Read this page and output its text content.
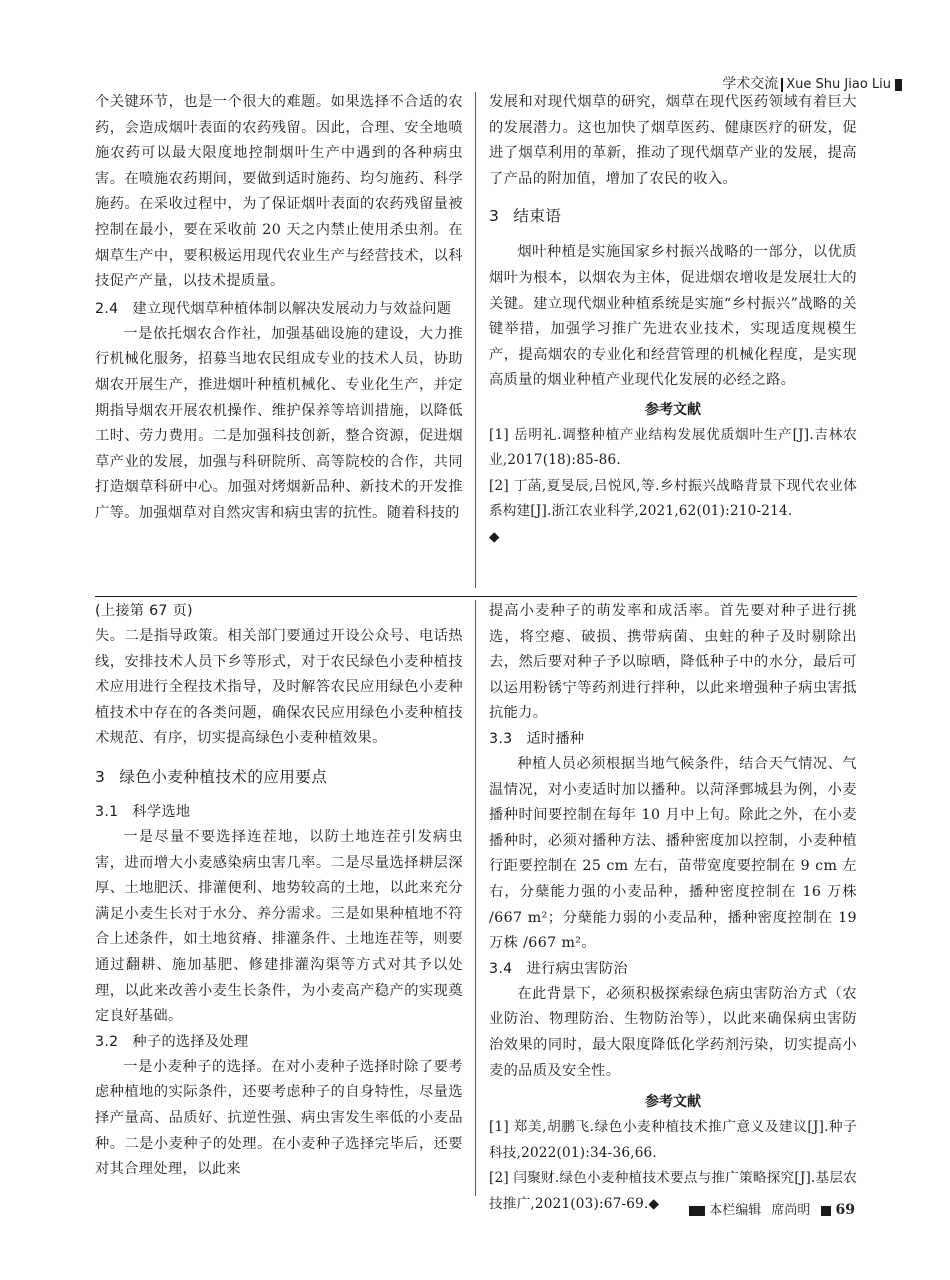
学术交流 Xue Shu Jiao Liu

个关键环节，也是一个很大的难题。如果选择不合适的农药，会造成烟叶表面的农药残留。因此，合理、安全地喷施农药可以最大限度地控制烟叶生产中遇到的各种病虫害。在喷施农药期间，要做到适时施药、均匀施药、科学施药。在采收过程中，为了保证烟叶表面的农药残留量被控制在最小，要在采收前 20 天之内禁止使用杀虫剂。在烟草生产中，要积极运用现代农业生产与经营技术，以科技促产产量，以技术提质量。

2.4 建立现代烟草种植体制以解决发展动力与效益问题

一是依托烟农合作社，加强基础设施的建设，大力推行机械化服务，招募当地农民组成专业的技术人员，协助烟农开展生产，推进烟叶种植机械化、专业化生产，并定期指导烟农开展农机操作、维护保养等培训措施，以降低工时、劳力费用。二是加强科技创新，整合资源，促进烟草产业的发展，加强与科研院所、高等院校的合作，共同打造烟草科研中心。加强对烤烟新品种、新技术的开发推广等。加强烟草对自然灾害和病虫害的抗性。随着科技的

发展和对现代烟草的研究，烟草在现代医药领域有着巨大的发展潜力。这也加快了烟草医药、健康医疗的研发，促进了烟草利用的革新，推动了现代烟草产业的发展，提高了产品的附加值，增加了农民的收入。

3 结束语

烟叶种植是实施国家乡村振兴战略的一部分，以优质烟叶为根本，以烟农为主体，促进烟农增收是发展壮大的关键。建立现代烟业种植系统是实施“乡村振兴”战略的关键举措，加强学习推广先进农业技术，实现适度规模生产，提高烟农的专业化和经营管理的机械化程度，是实现高质量的烟业种植产业现代化发展的必经之路。

参考文献

[1] 岳明礼.调整种植产业结构发展优质烟叶生产[J].吉林农业,2017(18):85-86.

[2] 丁菡,夏旻辰,吕悦风,等.乡村振兴战略背景下现代农业体系构建[J].浙江农业科学,2021,62(01):210-214.

◆

(上接第 67 页)

失。二是指导政策。相关部门要通过开设公众号、电话热线，安排技术人员下乡等形式，对于农民绿色小麦种植技术应用进行全程技术指导，及时解答农民应用绿色小麦种植技术中存在的各类问题，确保农民应用绿色小麦种植技术规范、有序，切实提高绿色小麦种植效果。

3 绿色小麦种植技术的应用要点

3.1 科学选地

一是尽量不要选择连茬地，以防土地连茬引发病虫害，进而增大小麦感染病虫害几率。二是尽量选择耕层深厚、土地肥沃、排灌便利、地势较高的土地，以此来充分满足小麦生长对于水分、养分需求。三是如果种植地不符合上述条件，如土地贫瘠、排灌条件、土地连茬等，则要通过翻耕、施加基肥、修建排灌沟渠等方式对其予以处理，以此来改善小麦生长条件，为小麦高产稳产的实现奠定良好基础。

3.2 种子的选择及处理

一是小麦种子的选择。在对小麦种子选择时除了要考虑种植地的实际条件，还要考虑种子的自身特性，尽量选择产量高、品质好、抗逆性强、病虫害发生率低的小麦品种。二是小麦种子的处理。在小麦种子选择完毕后，还要对其合理处理，以此来

提高小麦种子的萌发率和成活率。首先要对种子进行挑选，将空瘪、破损、携带病菌、虫蛀的种子及时剔除出去，然后要对种子予以晾晒，降低种子中的水分，最后可以运用粉锈宁等药剂进行拌种，以此来增强种子病虫害抵抗能力。

3.3 适时播种

种植人员必须根据当地气候条件，结合天气情况、气温情况，对小麦适时加以播种。以菏泽鄄城县为例，小麦播种时间要控制在每年 10 月中上旬。除此之外，在小麦播种时，必须对播种方法、播种密度加以控制，小麦种植行距要控制在 25 cm 左右，苗带宽度要控制在 9 cm 左右，分蘖能力强的小麦品种，播种密度控制在 16 万株 /667 m²；分蘖能力弱的小麦品种，播种密度控制在 19 万株 /667 m²。

3.4 进行病虫害防治

在此背景下，必须积极探索绿色病虫害防治方式（农业防治、物理防治、生物防治等），以此来确保病虫害防治效果的同时，最大限度降低化学药剂污染，切实提高小麦的品质及安全性。

参考文献

[1] 郑美,胡鹏飞.绿色小麦种植技术推广意义及建议[J].种子科技,2022(01):34-36,66.

[2] 闫聚财.绿色小麦种植技术要点与推广策略探究[J].基层农技推广,2021(03):67-69.◆	本栏编辑 席尚明 69
